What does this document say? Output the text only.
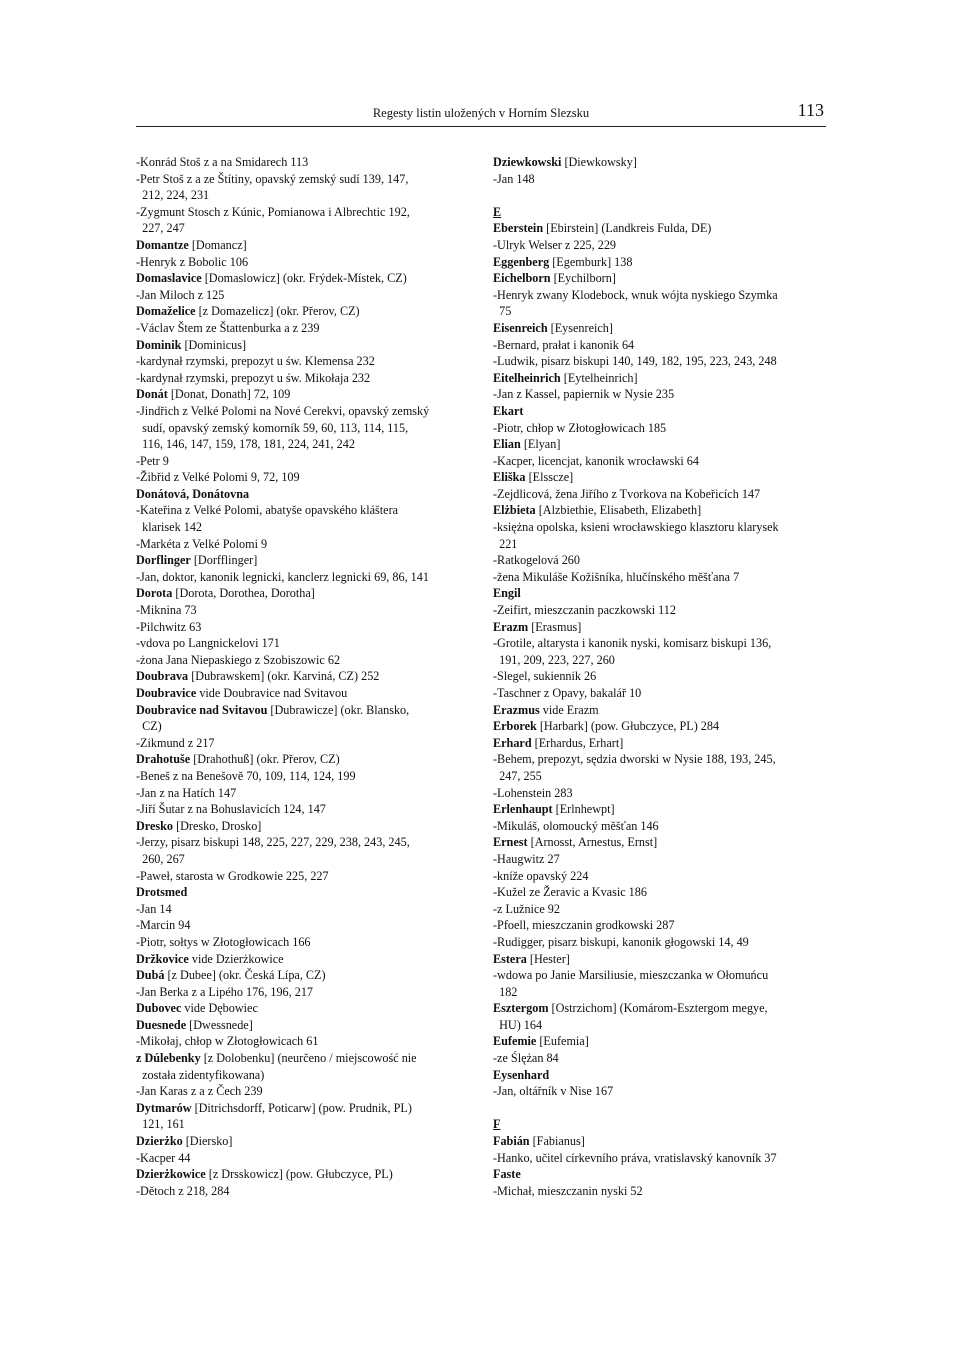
Regesty listin uložených v Horním Slezsku	113
-Konrád Stoš z a na Smidarech 113
-Petr Stoš z a ze Štítiny, opavský zemský sudí 139, 147,
212, 224, 231
-Zygmunt Stosch z Kúnic, Pomianowa i Albrechtic 192,
227, 247
Domantze [Domancz]
-Henryk z Bobolic 106
Domaslavice [Domaslowicz] (okr. Frýdek-Místek, CZ)
-Jan Miloch z 125
Domaželice [z Domazelicz] (okr. Přerov, CZ)
-Václav Štem ze Štattenburka a z 239
Dominik [Dominicus]
-kardynał rzymski, prepozyt u św. Klemensa 232
-kardynał rzymski, prepozyt u św. Mikołaja 232
Donát [Donat, Donath] 72, 109
-Jindřich z Velké Polomi na Nové Cerekvi, opavský zemský
sudí, opavský zemský komorník 59, 60, 113, 114, 115,
116, 146, 147, 159, 178, 181, 224, 241, 242
-Petr 9
-Žibřid z Velké Polomi 9, 72, 109
Donátová, Donátovna
-Kateřina z Velké Polomi, abatyše opavského kláštera
klarisek 142
-Markéta z Velké Polomi 9
Dorflinger [Dorfflinger]
-Jan, doktor, kanonik legnicki, kanclerz legnicki 69, 86, 141
Dorota [Dorota, Dorothea, Dorotha]
-Miknina 73
-Pilchwitz 63
-vdova po Langnickelovi 171
-żona Jana Niepaskiego z Szobiszowic 62
Doubrava [Dubrawskem] (okr. Karviná, CZ) 252
Doubravice vide Doubravice nad Svitavou
Doubravice nad Svitavou [Dubrawicze] (okr. Blansko,
CZ)
-Zikmund z 217
Drahotuše [Drahothuß] (okr. Přerov, CZ)
-Beneš z na Benešově 70, 109, 114, 124, 199
-Jan z na Hatích 147
-Jiří Šutar z na Bohuslavicích 124, 147
Dresko [Dresko, Drosko]
-Jerzy, pisarz biskupi 148, 225, 227, 229, 238, 243, 245,
260, 267
-Paweł, starosta w Grodkowie 225, 227
Drotsmed
-Jan 14
-Marcin 94
-Piotr, sołtys w Złotogłowicach 166
Držkovice vide Dzierżkowice
Dubá [z Dubee] (okr. Česká Lípa, CZ)
-Jan Berka z a Lipého 176, 196, 217
Dubovec vide Dębowiec
Duesnede [Dwessnede]
-Mikołaj, chłop w Złotogłowicach 61
z Dúlebenky [z Dolobenku] (neurčeno / miejscowość nie
została zidentyfikowana)
-Jan Karas z a z Čech 239
Dytmarów [Ditrichsdorff, Poticarw] (pow. Prudnik, PL)
121, 161
Dzierżko [Diersko]
-Kacper 44
Dzierżkowice [z Drsskowicz] (pow. Głubczyce, PL)
-Dětoch z 218, 284
Dziewkowski [Diewkowsky]
-Jan 148
E
Eberstein [Ebirstein] (Landkreis Fulda, DE)
-Ulryk Welser z 225, 229
Eggenberg [Egemburk] 138
Eichelborn [Eychilborn]
-Henryk zwany Klodebock, wnuk wójta nyskiego Szymka
75
Eisenreich [Eysenreich]
-Bernard, prałat i kanonik 64
-Ludwik, pisarz biskupi 140, 149, 182, 195, 223, 243, 248
Eitelheinrich [Eytelheinrich]
-Jan z Kassel, papiernik w Nysie 235
Ekart
-Piotr, chłop w Złotogłowicach 185
Elian [Elyan]
-Kacper, licencjat, kanonik wrocławski 64
Eliška [Elsscze]
-Zejdlicová, žena Jiřího z Tvorkova na Kobeřicích 147
Elżbieta [Alzbiethie, Elisabeth, Elizabeth]
-księżna opolska, ksieni wrocławskiego klasztoru klarysek
221
-Ratkogelová 260
-žena Mikuláše Kožišníka, hlučínského měšťana 7
Engil
-Zeifirt, mieszczanin paczkowski 112
Erazm [Erasmus]
-Grotile, altarysta i kanonik nyski, komisarz biskupi 136,
191, 209, 223, 227, 260
-Slegel, sukiennik 26
-Taschner z Opavy, bakalář 10
Erazmus vide Erazm
Erborek [Harbark] (pow. Głubczyce, PL) 284
Erhard [Erhardus, Erhart]
-Behem, prepozyt, sędzia dworski w Nysie 188, 193, 245,
247, 255
-Lohenstein 283
Erlenhaupt [Erlnhewpt]
-Mikuláš, olomoucký měšťan 146
Ernest [Arnosst, Arnestus, Ernst]
-Haugwitz 27
-kníže opavský 224
-Kužel ze Žeravic a Kvasic 186
-z Lužnice 92
-Pfoell, mieszczanin grodkowski 287
-Rudigger, pisarz biskupi, kanonik głogowski 14, 49
Estera [Hester]
-wdowa po Janie Marsiliusie, mieszczanka w Ołomuńcu
182
Esztergom [Ostrzichom] (Komárom-Esztergom megye,
HU) 164
Eufemie [Eufemia]
-ze Ślężan 84
Eysenhard
-Jan, oltářník v Nise 167
F
Fabián [Fabianus]
-Hanko, učitel církevního práva, vratislavský kanovník 37
Faste
-Michał, mieszczanin nyski 52
